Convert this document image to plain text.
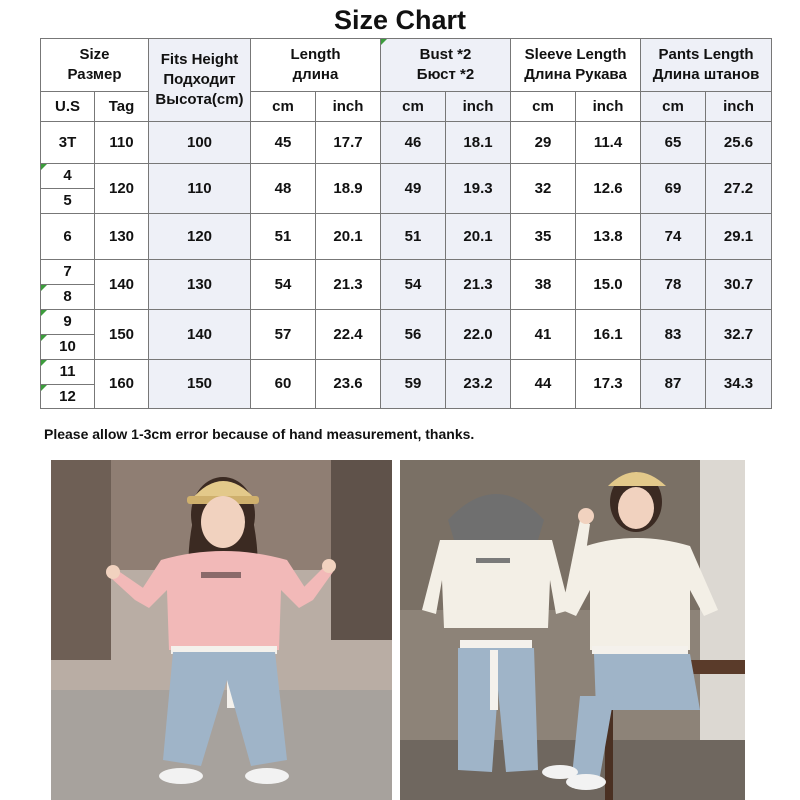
Size Chart
Size
Размер		Fits Height
Подходит
Высота(cm)	Length
длина		Bust *2
Бюст *2		Sleeve Length
Длина Рукава		Pants Length
Длина штанов	

U.S	Tag		cm	inch	cm	inch	cm	inch	cm	inch
3T	110	100	45	17.7	46	18.1	29	11.4	65	25.6

4	120	110	48	18.9	49	19.3	32	12.6	69	27.2
5										
6	130	120	51	20.1	51	20.1	35	13.8	74	29.1
7	140	130	54	21.3	54	21.3	38	15.0	78	30.7

8										

9	150	140	57	22.4	56	22.0	41	16.1	83	32.7

10										

11	160	150	60	23.6	59	23.2	44	17.3	87	34.3

12										
Please allow 1-3cm error because of hand measurement, thanks.
